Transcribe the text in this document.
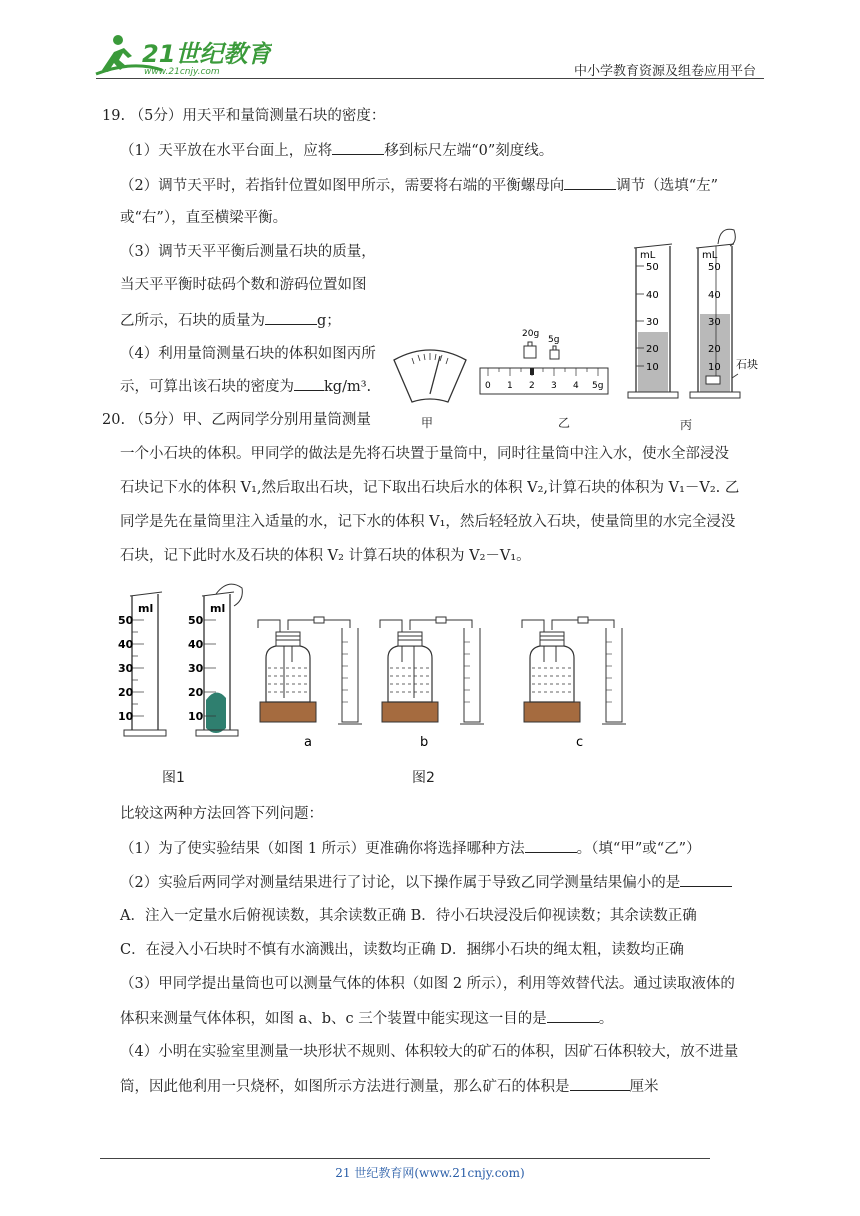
21世纪教育
www.21cnjy.com	中小学教育资源及组卷应用平台
19. （5分）用天平和量筒测量石块的密度：
（1）天平放在水平台面上，应将	移到标尺左端“0”刻度线。
（2）调节天平时，若指针位置如图甲所示，需要将右端的平衡螺母向	调节（选填“左”
或“右”），直至横梁平衡。
（3）调节天平平衡后测量石块的质量，
当天平平衡时砝码个数和游码位置如图
乙所示，石块的质量为	g；
（4）利用量筒测量石块的体积如图丙所
示，可算出该石块的密度为 kg/m³.
甲
20g
5g
0 1 2 3 4 5g
乙
mL
50
40
30
20
10
mL
50
40
30
20
10 石块
丙
20. （5分）甲、乙两同学分别用量筒测量
一个小石块的体积。甲同学的做法是先将石块置于量筒中，同时往量筒中注入水，使水全部浸没
石块记下水的体积 V₁,然后取出石块，记下取出石块后水的体积 V₂,计算石块的体积为 V₁－V₂. 乙
同学是先在量筒里注入适量的水，记下水的体积 V₁，然后轻轻放入石块，使量筒里的水完全浸没
石块，记下此时水及石块的体积 V₂ 计算石块的体积为 V₂－V₁。
ml
50
40
30
20
10
ml
50
40
30
20
10
图1
a	b	c
图2
比较这两种方法回答下列问题：
（1）为了使实验结果（如图 1 所示）更准确你将选择哪种方法	。（填“甲”或“乙”）
（2）实验后两同学对测量结果进行了讨论，以下操作属于导致乙同学测量结果偏小的是
A．注入一定量水后俯视读数，其余读数正确 B．待小石块浸没后仰视读数；其余读数正确
C．在浸入小石块时不慎有水滴溅出，读数均正确 D．捆绑小石块的绳太粗，读数均正确
（3）甲同学提出量筒也可以测量气体的体积（如图 2 所示），利用等效替代法。通过读取液体的
体积来测量气体体积，如图 a、b、c 三个装置中能实现这一目的是	。
（4）小明在实验室里测量一块形状不规则、体积较大的矿石的体积，因矿石体积较大，放不进量
筒，因此他利用一只烧杯，如图所示方法进行测量，那么矿石的体积是	厘米
21 世纪教育网(www.21cnjy.com)
